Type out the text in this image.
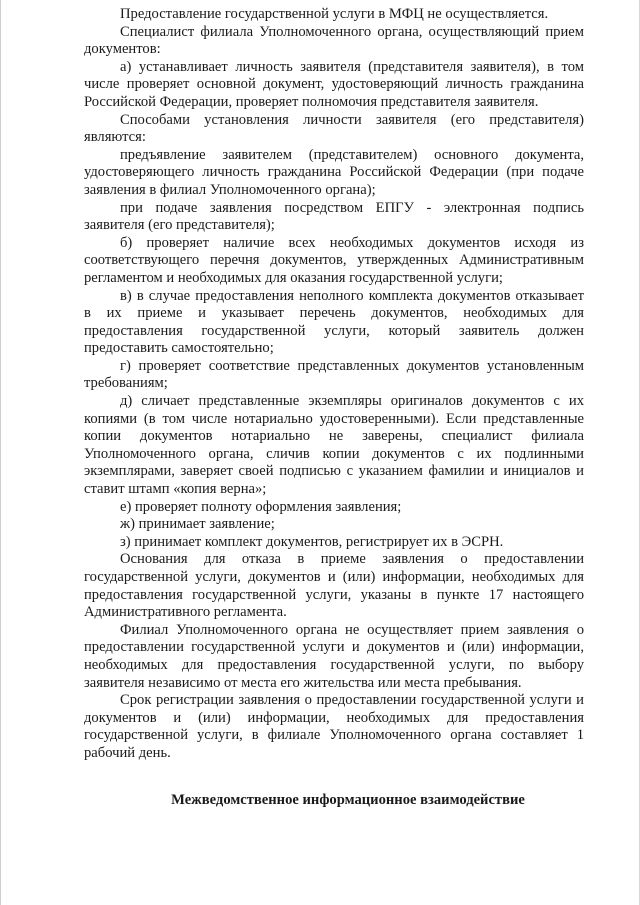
Предоставление государственной услуги в МФЦ не осуществляется.

Специалист филиала Уполномоченного органа, осуществляющий прием документов:

а) устанавливает личность заявителя (представителя заявителя), в том числе проверяет основной документ, удостоверяющий личность гражданина Российской Федерации, проверяет полномочия представителя заявителя.

Способами установления личности заявителя (его представителя) являются:

предъявление заявителем (представителем) основного документа, удостоверяющего личность гражданина Российской Федерации (при подаче заявления в филиал Уполномоченного органа);

при подаче заявления посредством ЕПГУ - электронная подпись заявителя (его представителя);

б) проверяет наличие всех необходимых документов исходя из соответствующего перечня документов, утвержденных Административным регламентом и необходимых для оказания государственной услуги;

в) в случае предоставления неполного комплекта документов отказывает в их приеме и указывает перечень документов, необходимых для предоставления государственной услуги, который заявитель должен предоставить самостоятельно;

г) проверяет соответствие представленных документов установленным требованиям;

д) сличает представленные экземпляры оригиналов документов с их копиями (в том числе нотариально удостоверенными). Если представленные копии документов нотариально не заверены, специалист филиала Уполномоченного органа, сличив копии документов с их подлинными экземплярами, заверяет своей подписью с указанием фамилии и инициалов и ставит штамп «копия верна»;

е) проверяет полноту оформления заявления;

ж) принимает заявление;

з) принимает комплект документов, регистрирует их в ЭСРН.

Основания для отказа в приеме заявления о предоставлении государственной услуги, документов и (или) информации, необходимых для предоставления государственной услуги, указаны в пункте 17 настоящего Административного регламента.

Филиал Уполномоченного органа не осуществляет прием заявления о предоставлении государственной услуги и документов и (или) информации, необходимых для предоставления государственной услуги, по выбору заявителя независимо от места его жительства или места пребывания.

Срок регистрации заявления о предоставлении государственной услуги и документов и (или) информации, необходимых для предоставления государственной услуги, в филиале Уполномоченного органа составляет 1 рабочий день.

Межведомственное информационное взаимодействие
